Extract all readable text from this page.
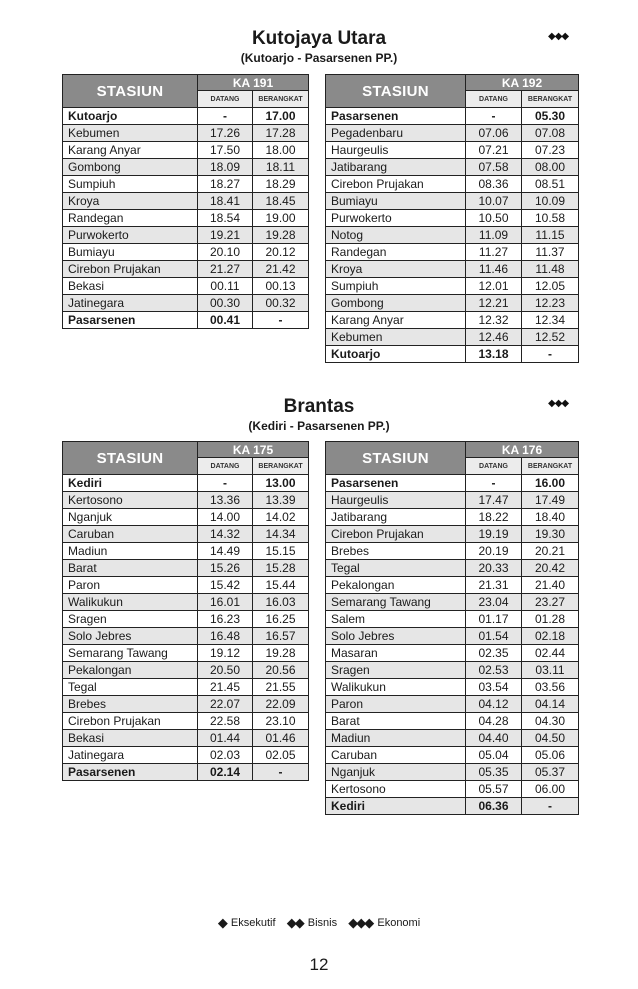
Kutojaya Utara	◆◆◆
(Kutoarjo - Pasarsenen PP.)
STASIUN	KA 191	
	DATANG	BERANGKAT
Kutoarjo	-	17.00
Kebumen	17.26	17.28
Karang Anyar	17.50	18.00
Gombong	18.09	18.11
Sumpiuh	18.27	18.29
Kroya	18.41	18.45
Randegan	18.54	19.00
Purwokerto	19.21	19.28
Bumiayu	20.10	20.12
Cirebon Prujakan	21.27	21.42
Bekasi	00.11	00.13
Jatinegara	00.30	00.32
Pasarsenen	00.41	-
STASIUN	KA 192	
	DATANG	BERANGKAT
Pasarsenen	-	05.30
Pegadenbaru	07.06	07.08
Haurgeulis	07.21	07.23
Jatibarang	07.58	08.00
Cirebon Prujakan	08.36	08.51
Bumiayu	10.07	10.09
Purwokerto	10.50	10.58
Notog	11.09	11.15
Randegan	11.27	11.37
Kroya	11.46	11.48
Sumpiuh	12.01	12.05
Gombong	12.21	12.23
Karang Anyar	12.32	12.34
Kebumen	12.46	12.52
Kutoarjo	13.18	-
Brantas	◆◆◆
(Kediri - Pasarsenen PP.)
STASIUN	KA 175	
	DATANG	BERANGKAT
Kediri	-	13.00
Kertosono	13.36	13.39
Nganjuk	14.00	14.02
Caruban	14.32	14.34
Madiun	14.49	15.15
Barat	15.26	15.28
Paron	15.42	15.44
Walikukun	16.01	16.03
Sragen	16.23	16.25
Solo Jebres	16.48	16.57
Semarang Tawang	19.12	19.28
Pekalongan	20.50	20.56
Tegal	21.45	21.55
Brebes	22.07	22.09
Cirebon Prujakan	22.58	23.10
Bekasi	01.44	01.46
Jatinegara	02.03	02.05
Pasarsenen	02.14	-
STASIUN	KA 176	
	DATANG	BERANGKAT
Pasarsenen	-	16.00
Haurgeulis	17.47	17.49
Jatibarang	18.22	18.40
Cirebon Prujakan	19.19	19.30
Brebes	20.19	20.21
Tegal	20.33	20.42
Pekalongan	21.31	21.40
Semarang Tawang	23.04	23.27
Salem	01.17	01.28
Solo Jebres	01.54	02.18
Masaran	02.35	02.44
Sragen	02.53	03.11
Walikukun	03.54	03.56
Paron	04.12	04.14
Barat	04.28	04.30
Madiun	04.40	04.50
Caruban	05.04	05.06
Nganjuk	05.35	05.37
Kertosono	05.57	06.00
Kediri	06.36	-
◆ Eksekutif ◆◆ Bisnis ◆◆◆ Ekonomi
12
